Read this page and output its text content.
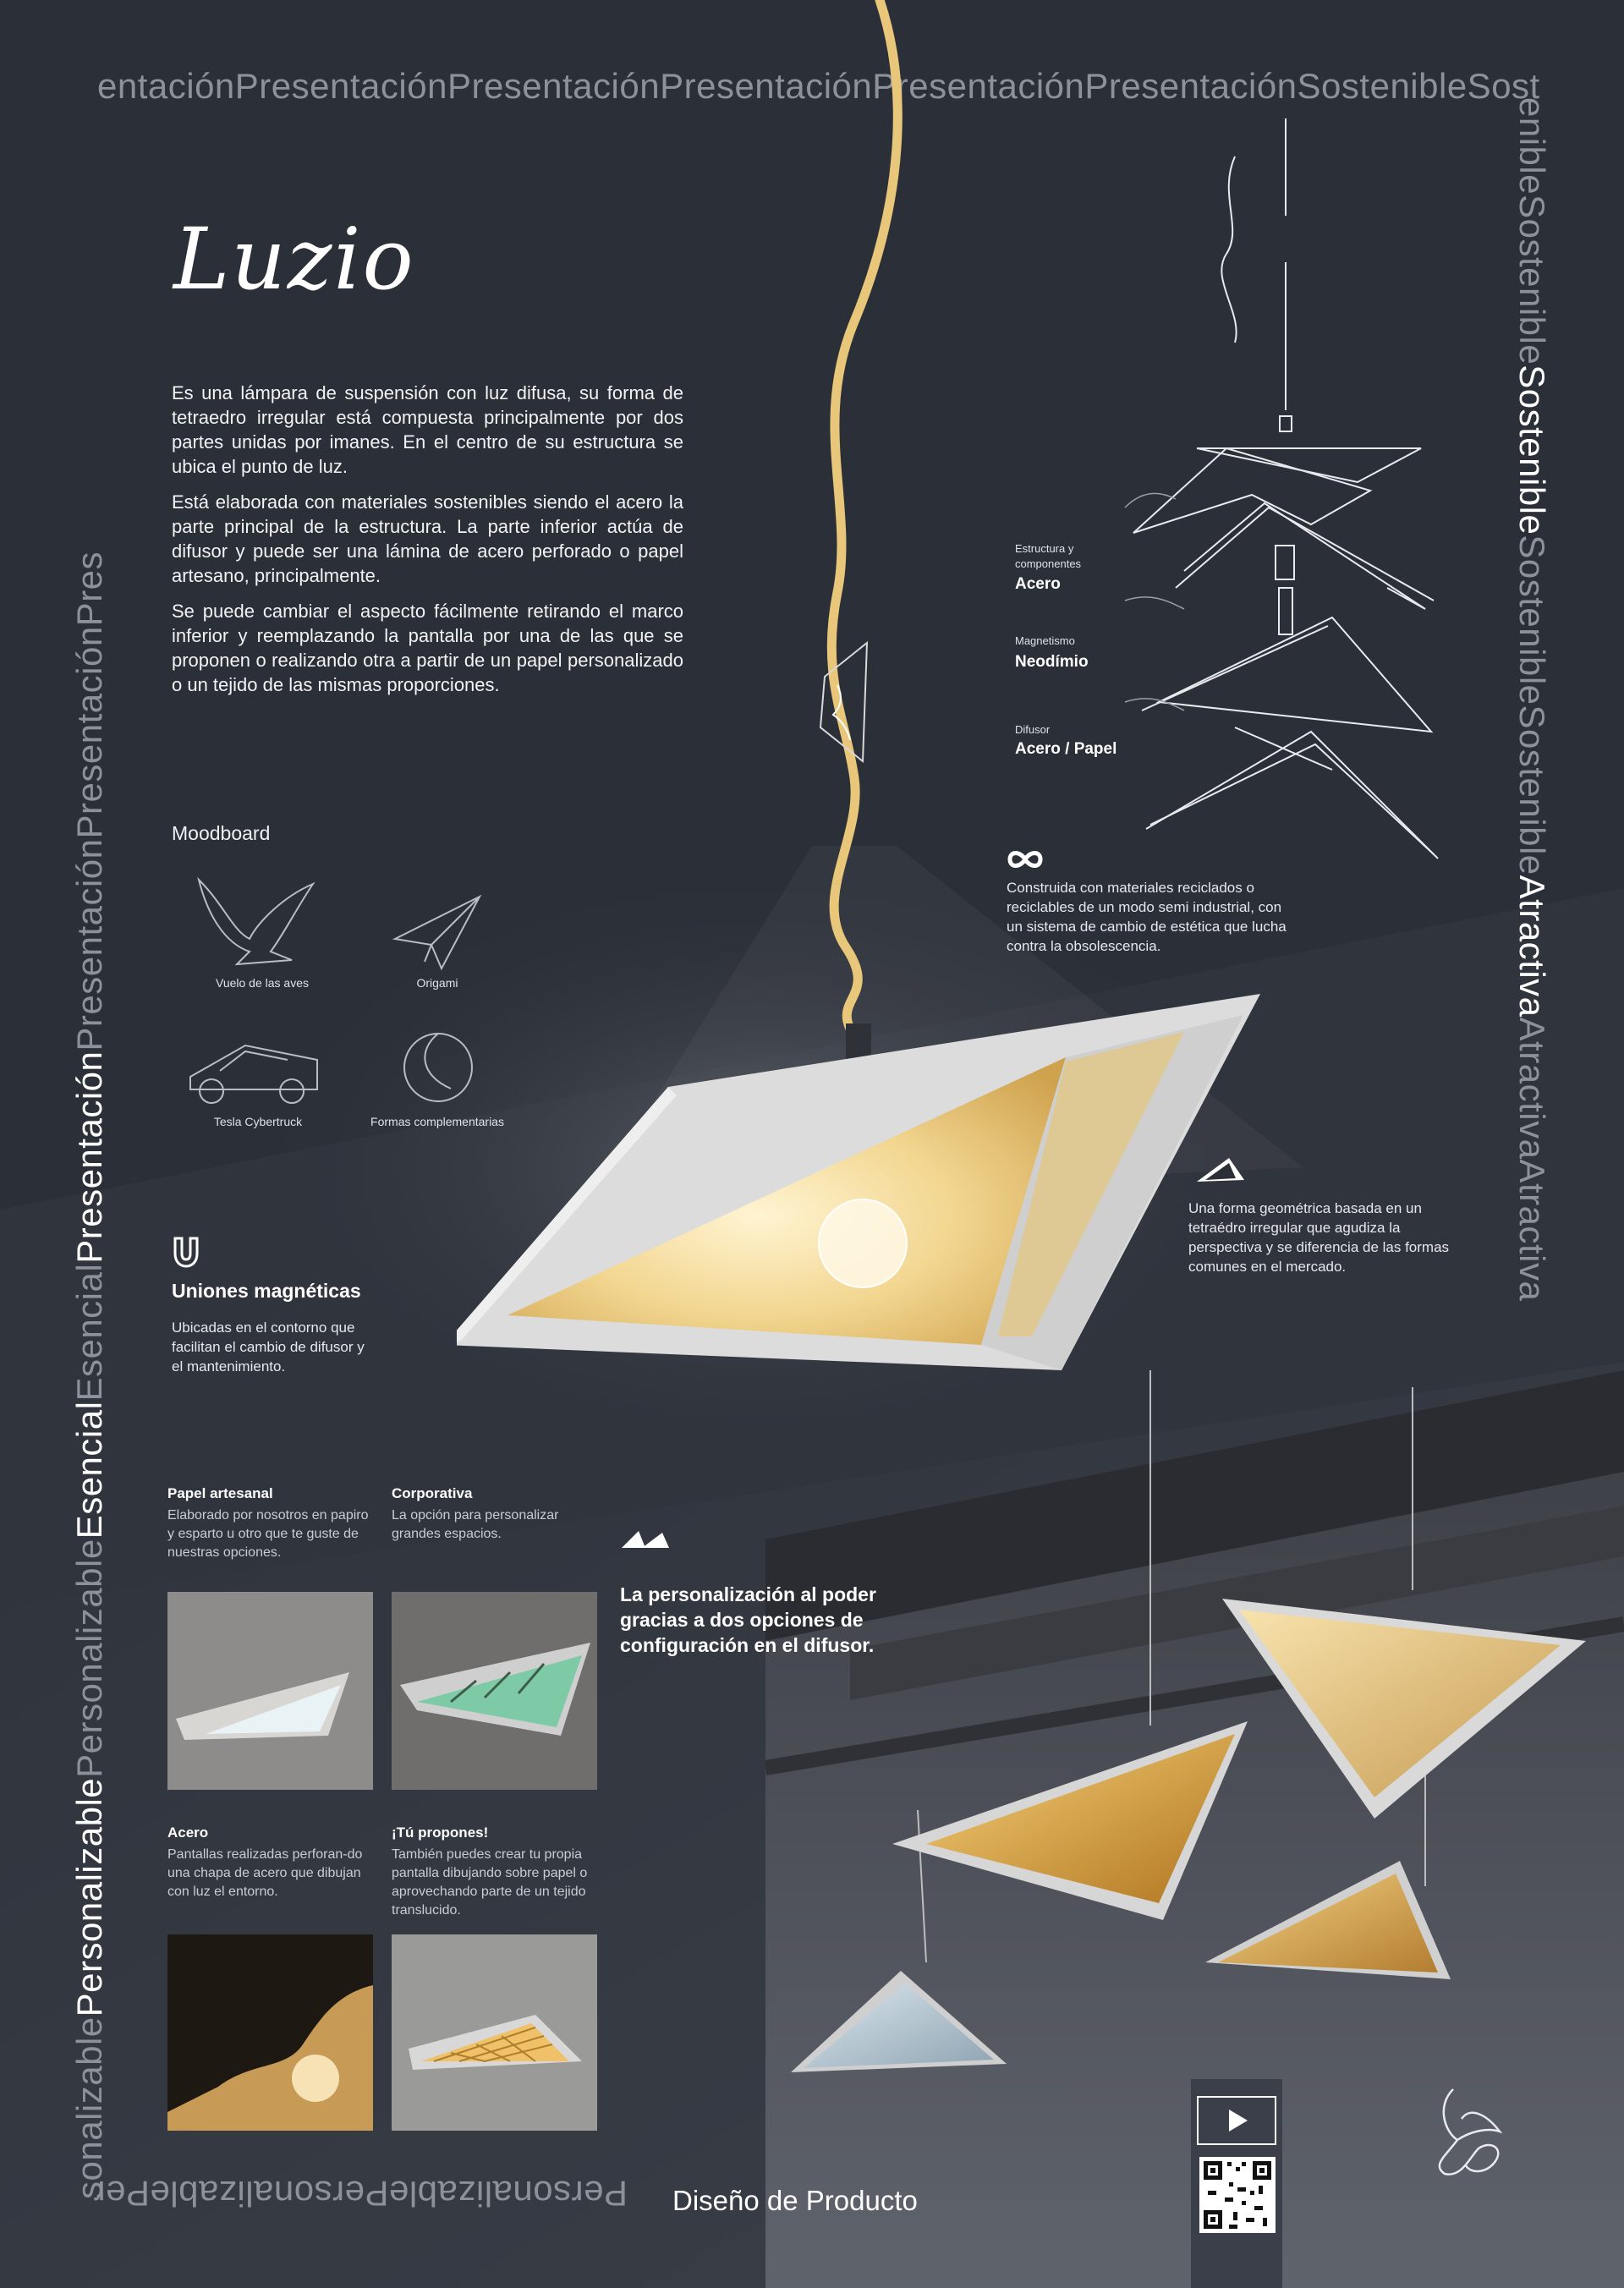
entaciónPresentaciónPresentaciónPresentaciónPresentaciónPresentaciónSostenibleSost
sonalizablePersonalizablePersonalizableEsencialEsencialPresentaciónPresentaciónPresentaciónPres
enibleSostenibleSostenibleSostenibleSostenibleAtractivaAtractivaAtractiva
PersonalizablePersonalizablePer
Luzio

Es una lámpara de suspensión con luz difusa, su forma de tetraedro irregular está compuesta principalmente por dos partes unidas por imanes. En el centro de su estructura se ubica el punto de luz.

Está elaborada con materiales sostenibles siendo el acero la parte principal de la estructura. La parte inferior actúa de difusor y puede ser una lámina de acero perforado o papel artesano, principalmente.

Se puede cambiar el aspecto fácilmente retirando el marco inferior y reemplazando la pantalla por una de las que se proponen o realizando otra a partir de un papel personalizado o un tejido de las mismas proporciones.

Moodboard
Vuelo de las aves	Origami
Tesla Cybertruck	Formas complementarias
Estructura y componentes
Acero
Magnetismo
Neodímio
Difusor
Acero / Papel
Construida con materiales reciclados o reciclables de un modo semi industrial, con un sistema de cambio de estética que lucha contra la obsolescencia.
Una forma geométrica basada en un tetraédro irregular que agudiza la perspectiva y se diferencia de las formas comunes en el mercado.
Uniones magnéticas
Ubicadas en el contorno que facilitan el cambio de difusor y el mantenimiento.
Papel artesanal
Elaborado por nosotros en papiro y esparto u otro que te guste de nuestras opciones.
Corporativa
La opción para personalizar grandes espacios.
Acero
Pantallas realizadas perforan-do una chapa de acero que dibujan con luz el entorno.
¡Tú propones!
También puedes crear tu propia pantalla dibujando sobre papel o aprovechando parte de un tejido translucido.
La personalización al poder gracias a dos opciones de configuración en el difusor.
Diseño de Producto
